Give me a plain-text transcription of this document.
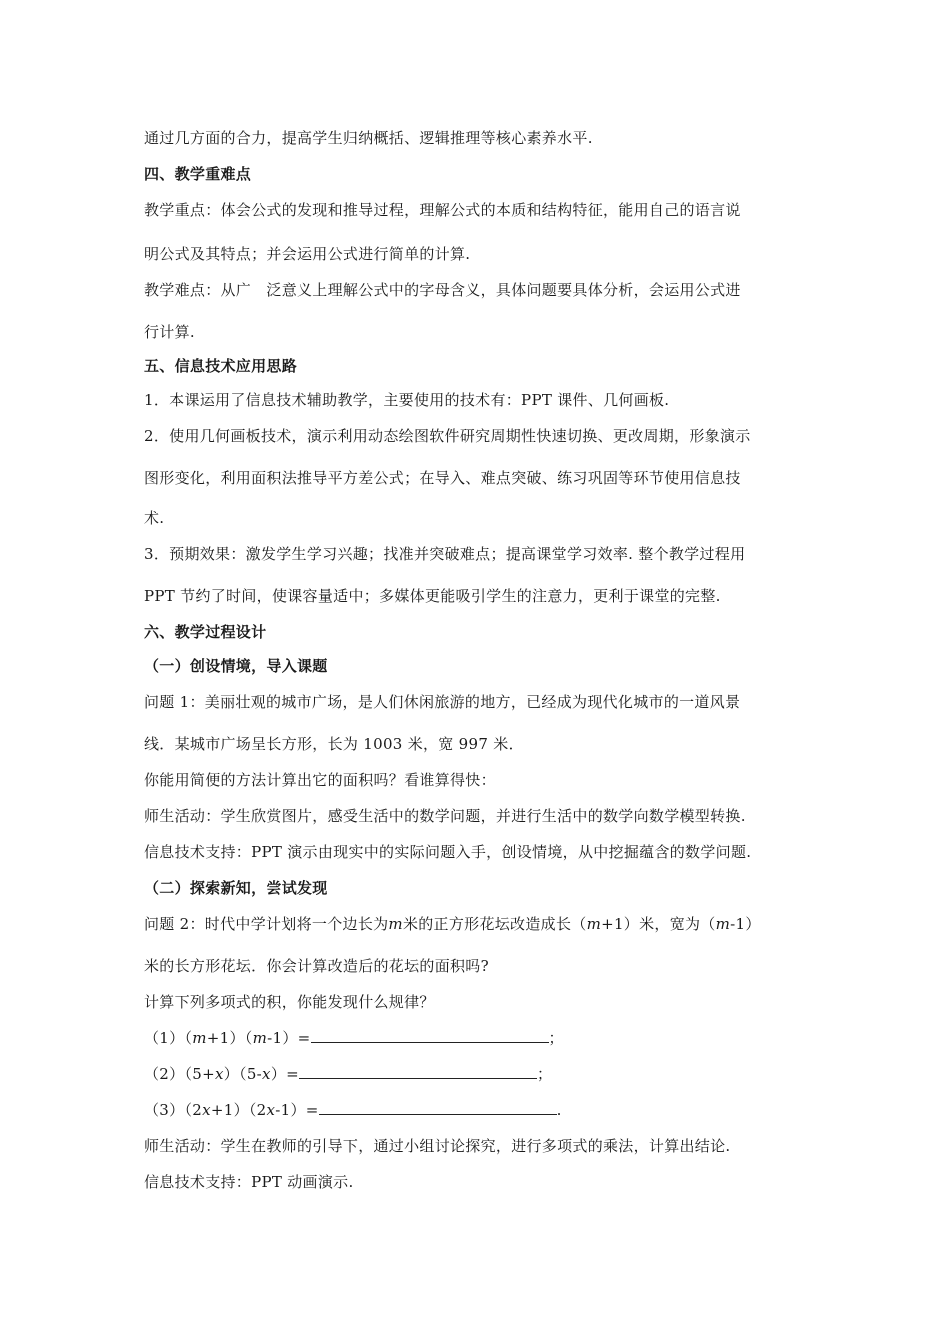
通过几方面的合力，提高学生归纳概括、逻辑推理等核心素养水平.
四、教学重难点
教学重点：体会公式的发现和推导过程，理解公式的本质和结构特征，能用自己的语言说
明公式及其特点；并会运用公式进行简单的计算.
教学难点：从广　泛意义上理解公式中的字母含义，具体问题要具体分析，会运用公式进
行计算.
五、信息技术应用思路
1．本课运用了信息技术辅助教学，主要使用的技术有：PPT 课件、几何画板.
2．使用几何画板技术，演示利用动态绘图软件研究周期性快速切换、更改周期，形象演示
图形变化，利用面积法推导平方差公式；在导入、难点突破、练习巩固等环节使用信息技
术.
3．预期效果：激发学生学习兴趣；找准并突破难点；提高课堂学习效率. 整个教学过程用
PPT 节约了时间，使课容量适中；多媒体更能吸引学生的注意力，更利于课堂的完整.
六、教学过程设计
（一）创设情境，导入课题
问题 1：美丽壮观的城市广场，是人们休闲旅游的地方，已经成为现代化城市的一道风景
线．某城市广场呈长方形，长为 1003 米，宽 997 米．
你能用简便的方法计算出它的面积吗？看谁算得快：
师生活动：学生欣赏图片，感受生活中的数学问题，并进行生活中的数学向数学模型转换.
信息技术支持：PPT 演示由现实中的实际问题入手，创设情境，从中挖掘蕴含的数学问题.
（二）探索新知，尝试发现
问题 2：时代中学计划将一个边长为m米的正方形花坛改造成长（m+1）米，宽为（m-1）
米的长方形花坛．你会计算改造后的花坛的面积吗?
计算下列多项式的积，你能发现什么规律？
（1）（m+1）（m-1）=	；
（2）（5+x）（5-x）=	；
（3）（2x+1）（2x-1）=	.
师生活动：学生在教师的引导下，通过小组讨论探究，进行多项式的乘法，计算出结论.
信息技术支持：PPT 动画演示.
